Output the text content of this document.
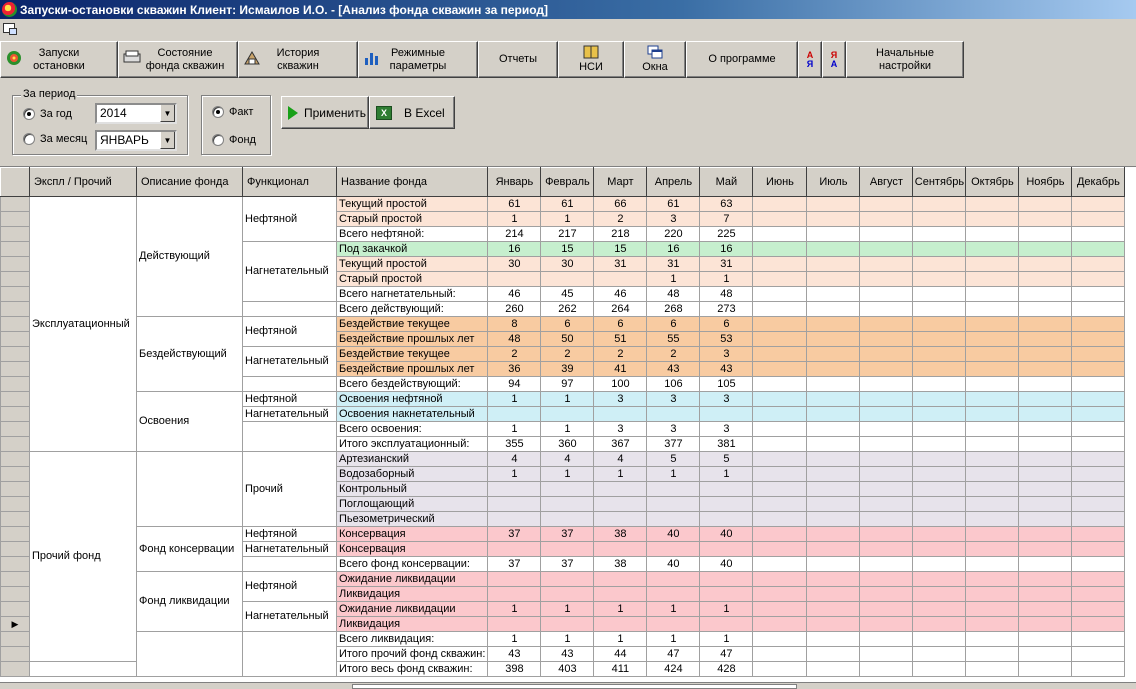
Запуски-остановки скважин Клиент: Исмаилов И.О. - [Анализ фонда скважин за период]
Запуски
остановки
Состояние
фонда скважин
История
скважин
Режимные
параметры
Отчеты
НСИ	Окна
О программе	А
Я
Я
А
Начальные
настройки
За период
За год
За месяц
2014	▼
ЯНВАРЬ	▼
Факт
Фонд
Применить	X	В Excel
	Экспл / Прочий	Описание фонда	Функционал	Название фонда	Январь	Февраль	Март	Апрель	Май	Июнь	Июль	Август	Сентябрь	Октябрь	Ноябрь	Декабрь
	Эксплуатационный	Действующий	Нефтяной	Текущий простой	61	61	66	61	63							
				Старый простой	1	1	2	3	7							
				Всего нефтяной:	214	217	218	220	225							
			Нагнетательный	Под закачкой	16	15	15	16	16							
				Текущий простой	30	30	31	31	31							
				Старый простой				1	1							
				Всего нагнетательный:	46	45	46	48	48							
				Всего действующий:	260	262	264	268	273							
		Бездействующий	Нефтяной	Бездействие текущее	8	6	6	6	6							
				Бездействие прошлых лет	48	50	51	55	53							
			Нагнетательный	Бездействие текущее	2	2	2	2	3							
				Бездействие прошлых лет	36	39	41	43	43							
				Всего бездействующий:	94	97	100	106	105							
		Освоения	Нефтяной	Освоения нефтяной	1	1	3	3	3							
			Нагнетательный	Освоения накнетательный												
				Всего освоения:	1	1	3	3	3							
				Итого эксплуатационный:	355	360	367	377	381							
	Прочий фонд		Прочий	Артезианский	4	4	4	5	5							
				Водозаборный	1	1	1	1	1							
				Контрольный												
				Поглощающий												
				Пьезометрический												
		Фонд консервации	Нефтяной	Консервация	37	37	38	40	40							
			Нагнетательный	Консервация												
				Всего фонд консервации:	37	37	38	40	40							
		Фонд ликвидации	Нефтяной	Ожидание ликвидации												
				Ликвидация												
			Нагнетательный	Ожидание ликвидации	1	1	1	1	1							
▶				Ликвидация												
				Всего ликвидация:	1	1	1	1	1							
				Итого прочий фонд скважин:	43	43	44	47	47							
				Итого весь фонд скважин:	398	403	411	424	428							
